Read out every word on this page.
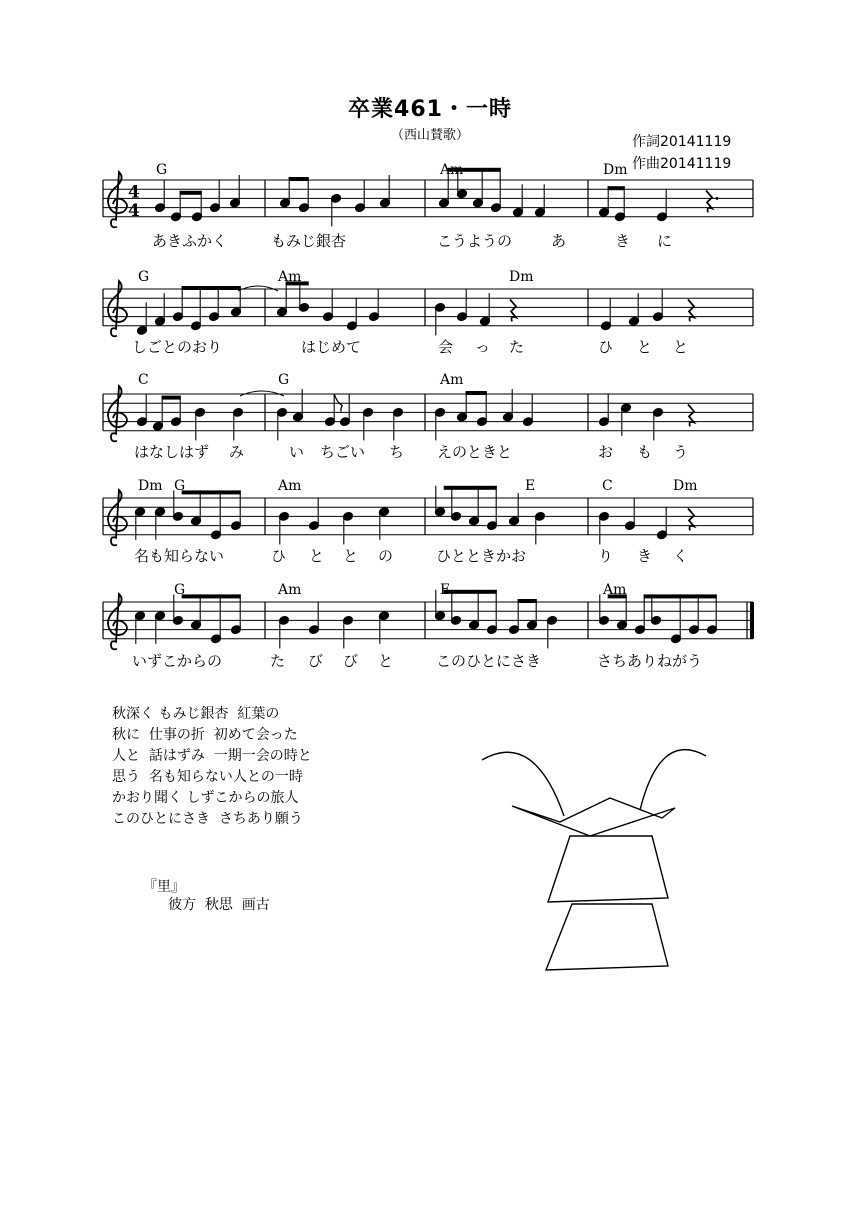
4
4
卒業461・一時
（西山賛歌）	作詞20141119
作曲20141119
G	Am	Dm
あきふかく	もみじ銀杏	こうようの	あ	き に
G	Am	Dm
しごとのおり	はじめて	会 っ た	ひ と と
C	G	Am
はなしはず み	い ちごい ち えのときと	お も う
Dm G	Am	E	C	Dm
名も知らない	ひ と と の	ひとときかお	り き く
G	Am	E	Am
いずこからの	た び び と	このひとにさき	さちありねがう
秋深く もみじ銀杏  紅葉の
秋に  仕事の折  初めて会った
人と  話はずみ  一期一会の時と
思う  名も知らない人との一時
かおり聞く しずこからの旅人
このひとにさき  さちあり願う
『里』
彼方  秋思  画古
